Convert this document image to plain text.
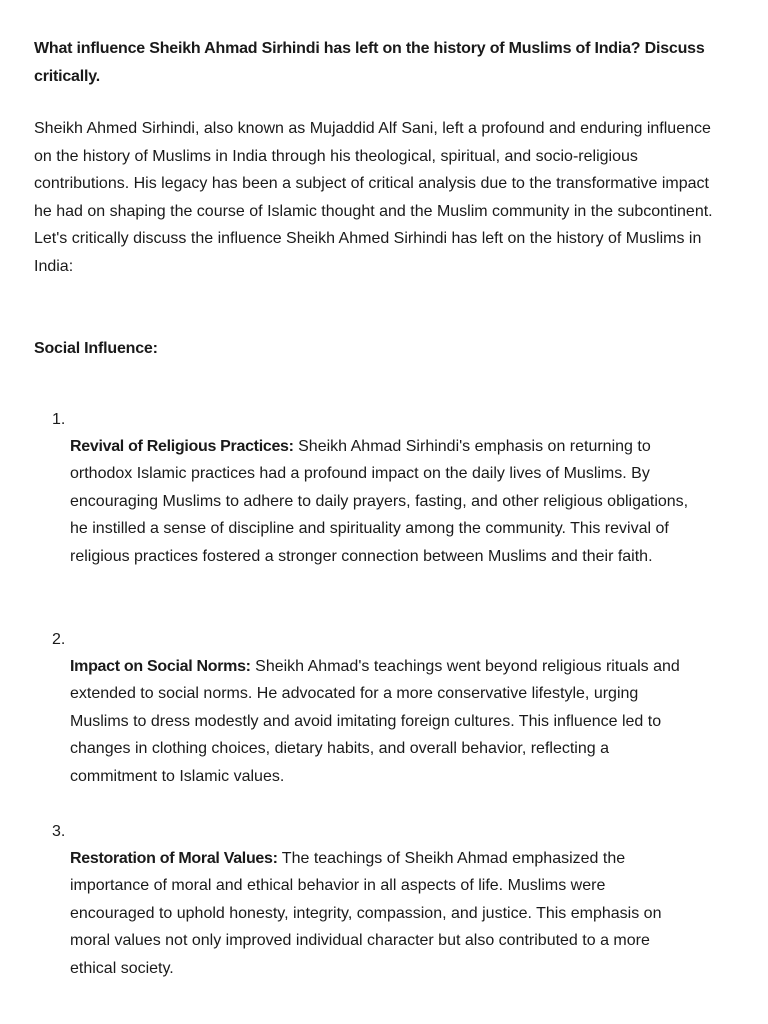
What influence Sheikh Ahmad Sirhindi has left on the history of Muslims of India? Discuss critically.

Sheikh Ahmed Sirhindi, also known as Mujaddid Alf Sani, left a profound and enduring influence on the history of Muslims in India through his theological, spiritual, and socio-religious contributions. His legacy has been a subject of critical analysis due to the transformative impact he had on shaping the course of Islamic thought and the Muslim community in the subcontinent. Let's critically discuss the influence Sheikh Ahmed Sirhindi has left on the history of Muslims in India:

Social Influence:

1.

Revival of Religious Practices: Sheikh Ahmad Sirhindi's emphasis on returning to orthodox Islamic practices had a profound impact on the daily lives of Muslims. By encouraging Muslims to adhere to daily prayers, fasting, and other religious obligations, he instilled a sense of discipline and spirituality among the community. This revival of religious practices fostered a stronger connection between Muslims and their faith.

2.

Impact on Social Norms: Sheikh Ahmad's teachings went beyond religious rituals and extended to social norms. He advocated for a more conservative lifestyle, urging Muslims to dress modestly and avoid imitating foreign cultures. This influence led to changes in clothing choices, dietary habits, and overall behavior, reflecting a commitment to Islamic values.

3.

Restoration of Moral Values: The teachings of Sheikh Ahmad emphasized the importance of moral and ethical behavior in all aspects of life. Muslims were encouraged to uphold honesty, integrity, compassion, and justice. This emphasis on moral values not only improved individual character but also contributed to a more ethical society.
